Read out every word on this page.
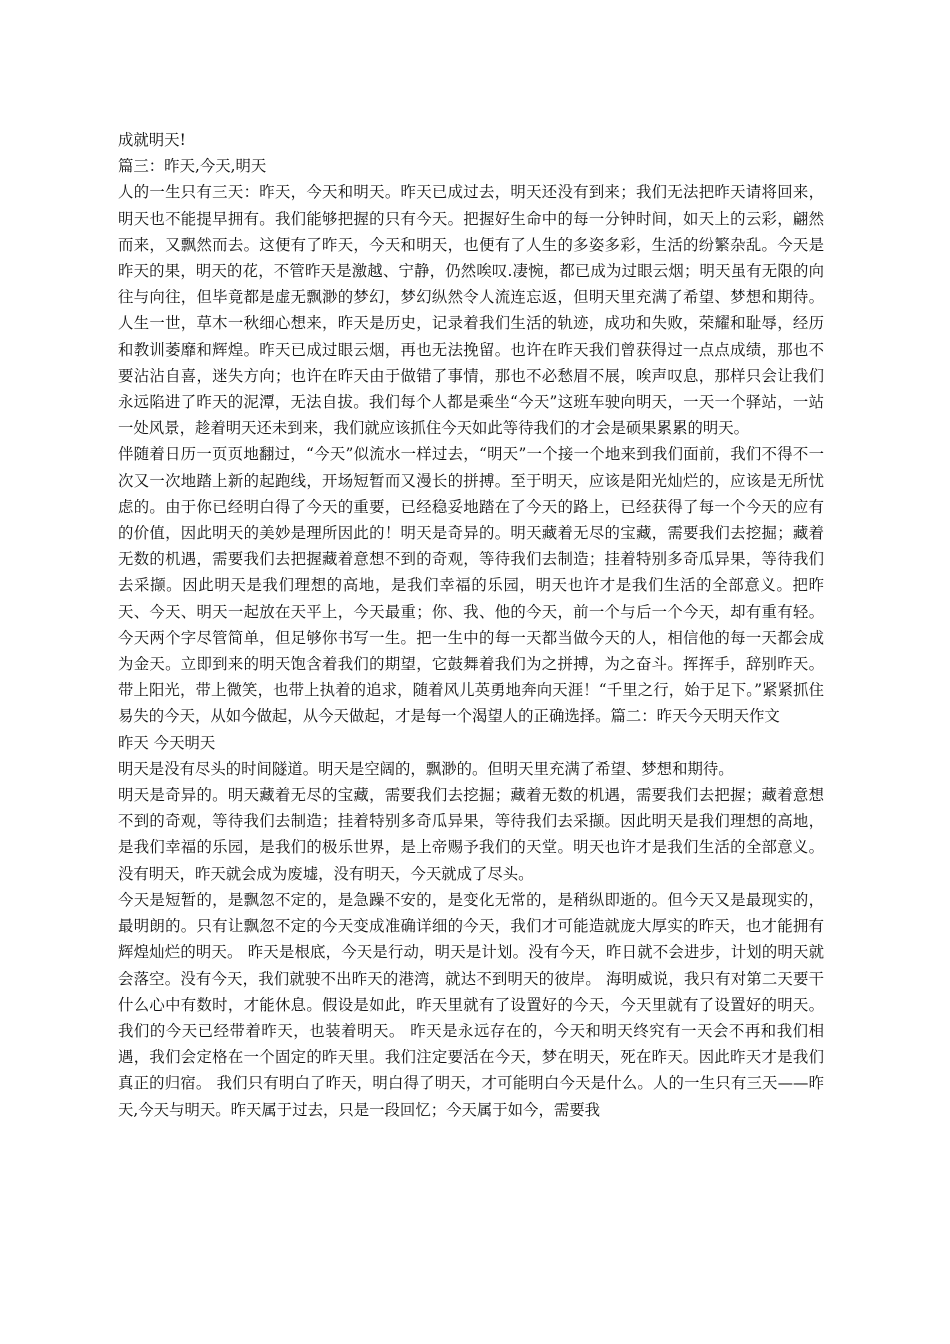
成就明天!
篇三：昨天,今天,明天

人的一生只有三天：昨天，今天和明天。昨天已成过去，明天还没有到来；我们无法把昨天请将回来，明天也不能提早拥有。我们能够把握的只有今天。把握好生命中的每一分钟时间，如天上的云彩，翩然而来，又飘然而去。这便有了昨天，今天和明天，也便有了人生的多姿多彩，生活的纷繁杂乱。今天是昨天的果，明天的花，不管昨天是激越、宁静，仍然唉叹.凄惋，都已成为过眼云烟；明天虽有无限的向往与向往，但毕竟都是虚无飘渺的梦幻，梦幻纵然令人流连忘返，但明天里充满了希望、梦想和期待。人生一世，草木一秋细心想来，昨天是历史，记录着我们生活的轨迹，成功和失败，荣耀和耻辱，经历和教训萎靡和辉煌。昨天已成过眼云烟，再也无法挽留。也许在昨天我们曾获得过一点点成绩，那也不要沾沾自喜，迷失方向；也许在昨天由于做错了事情，那也不必愁眉不展，唉声叹息，那样只会让我们永远陷进了昨天的泥潭，无法自拔。我们每个人都是乘坐“今天”这班车驶向明天，一天一个驿站，一站一处风景，趁着明天还未到来，我们就应该抓住今天如此等待我们的才会是硕果累累的明天。

伴随着日历一页页地翻过，“今天”似流水一样过去，“明天”一个接一个地来到我们面前，我们不得不一次又一次地踏上新的起跑线，开场短暂而又漫长的拼搏。至于明天，应该是阳光灿烂的，应该是无所忧虑的。由于你已经明白得了今天的重要，已经稳妥地踏在了今天的路上，已经获得了每一个今天的应有的价值，因此明天的美妙是理所因此的！明天是奇异的。明天藏着无尽的宝藏，需要我们去挖掘；藏着无数的机遇，需要我们去把握藏着意想不到的奇观，等待我们去制造；挂着特别多奇瓜异果，等待我们去采撷。因此明天是我们理想的高地，是我们幸福的乐园，明天也许才是我们生活的全部意义。把昨天、今天、明天一起放在天平上，今天最重；你、我、他的今天，前一个与后一个今天，却有重有轻。今天两个字尽管简单，但足够你书写一生。把一生中的每一天都当做今天的人，相信他的每一天都会成为金天。立即到来的明天饱含着我们的期望，它鼓舞着我们为之拼搏，为之奋斗。挥挥手，辞别昨天。带上阳光，带上微笑，也带上执着的追求，随着风儿英勇地奔向天涯！“千里之行，始于足下。”紧紧抓住易失的今天，从如今做起，从今天做起，才是每一个渴望人的正确选择。篇二：昨天今天明天作文

昨天 今天明天

明天是没有尽头的时间隧道。明天是空阔的，飘渺的。但明天里充满了希望、梦想和期待。

明天是奇异的。明天藏着无尽的宝藏，需要我们去挖掘；藏着无数的机遇，需要我们去把握；藏着意想不到的奇观，等待我们去制造；挂着特别多奇瓜异果，等待我们去采撷。因此明天是我们理想的高地，是我们幸福的乐园，是我们的极乐世界，是上帝赐予我们的天堂。明天也许才是我们生活的全部意义。 没有明天，昨天就会成为废墟，没有明天，今天就成了尽头。

今天是短暂的，是飘忽不定的，是急躁不安的，是变化无常的，是稍纵即逝的。但今天又是最现实的，最明朗的。只有让飘忽不定的今天变成准确详细的今天，我们才可能造就庞大厚实的昨天，也才能拥有辉煌灿烂的明天。 昨天是根底，今天是行动，明天是计划。没有今天，昨日就不会进步，计划的明天就会落空。没有今天，我们就驶不出昨天的港湾，就达不到明天的彼岸。 海明威说，我只有对第二天要干什么心中有数时，才能休息。假设是如此，昨天里就有了设置好的今天，今天里就有了设置好的明天。我们的今天已经带着昨天，也装着明天。 昨天是永远存在的，今天和明天终究有一天会不再和我们相遇，我们会定格在一个固定的昨天里。我们注定要活在今天，梦在明天，死在昨天。因此昨天才是我们真正的归宿。 我们只有明白了昨天，明白得了明天，才可能明白今天是什么。人的一生只有三天——昨天,今天与明天。昨天属于过去，只是一段回忆；今天属于如今，需要我
